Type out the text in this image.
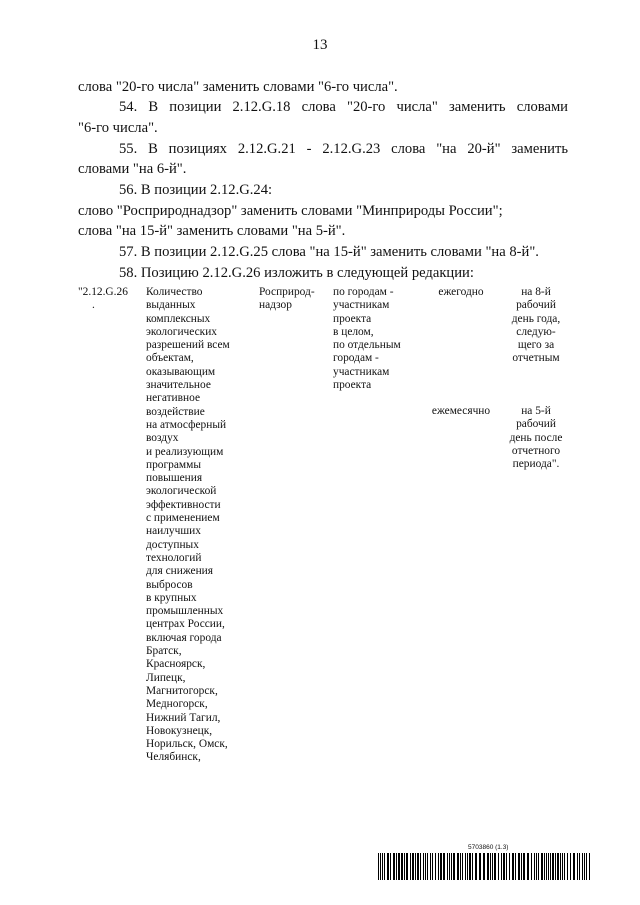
13
слова "20-го числа" заменить словами "6-го числа".
54. В позиции 2.12.G.18 слова "20-го числа" заменить словами
"6-го числа".
55. В позициях 2.12.G.21 - 2.12.G.23 слова "на 20-й" заменить
словами "на 6-й".
56. В позиции 2.12.G.24:
слово "Росприроднадзор" заменить словами "Минприроды России";
слова "на 15-й" заменить словами "на 5-й".
57. В позиции 2.12.G.25 слова "на 15-й" заменить словами "на 8-й".
58. Позицию 2.12.G.26 изложить в следующей редакции:
"2.12.G.26
.
Количество
выданных
комплексных
экологических
разрешений всем
объектам,
оказывающим
значительное
негативное
воздействие
на атмосферный
воздух
и реализующим
программы
повышения
экологической
эффективности
с применением
наилучших
доступных
технологий
для снижения
выбросов
в крупных
промышленных
центрах России,
включая города
Братск,
Красноярск,
Липецк,
Магнитогорск,
Медногорск,
Нижний Тагил,
Новокузнецк,
Норильск, Омск,
Челябинск,
Росприрод-
надзор
по городам -
участникам
проекта
в целом,
по отдельным
городам -
участникам
проекта
ежегодно	на 8-й
рабочий
день года,
следую-
щего за
отчетным
ежемесячно	на 5-й
рабочий
день после
отчетного
периода".
5703860 (1.3)
